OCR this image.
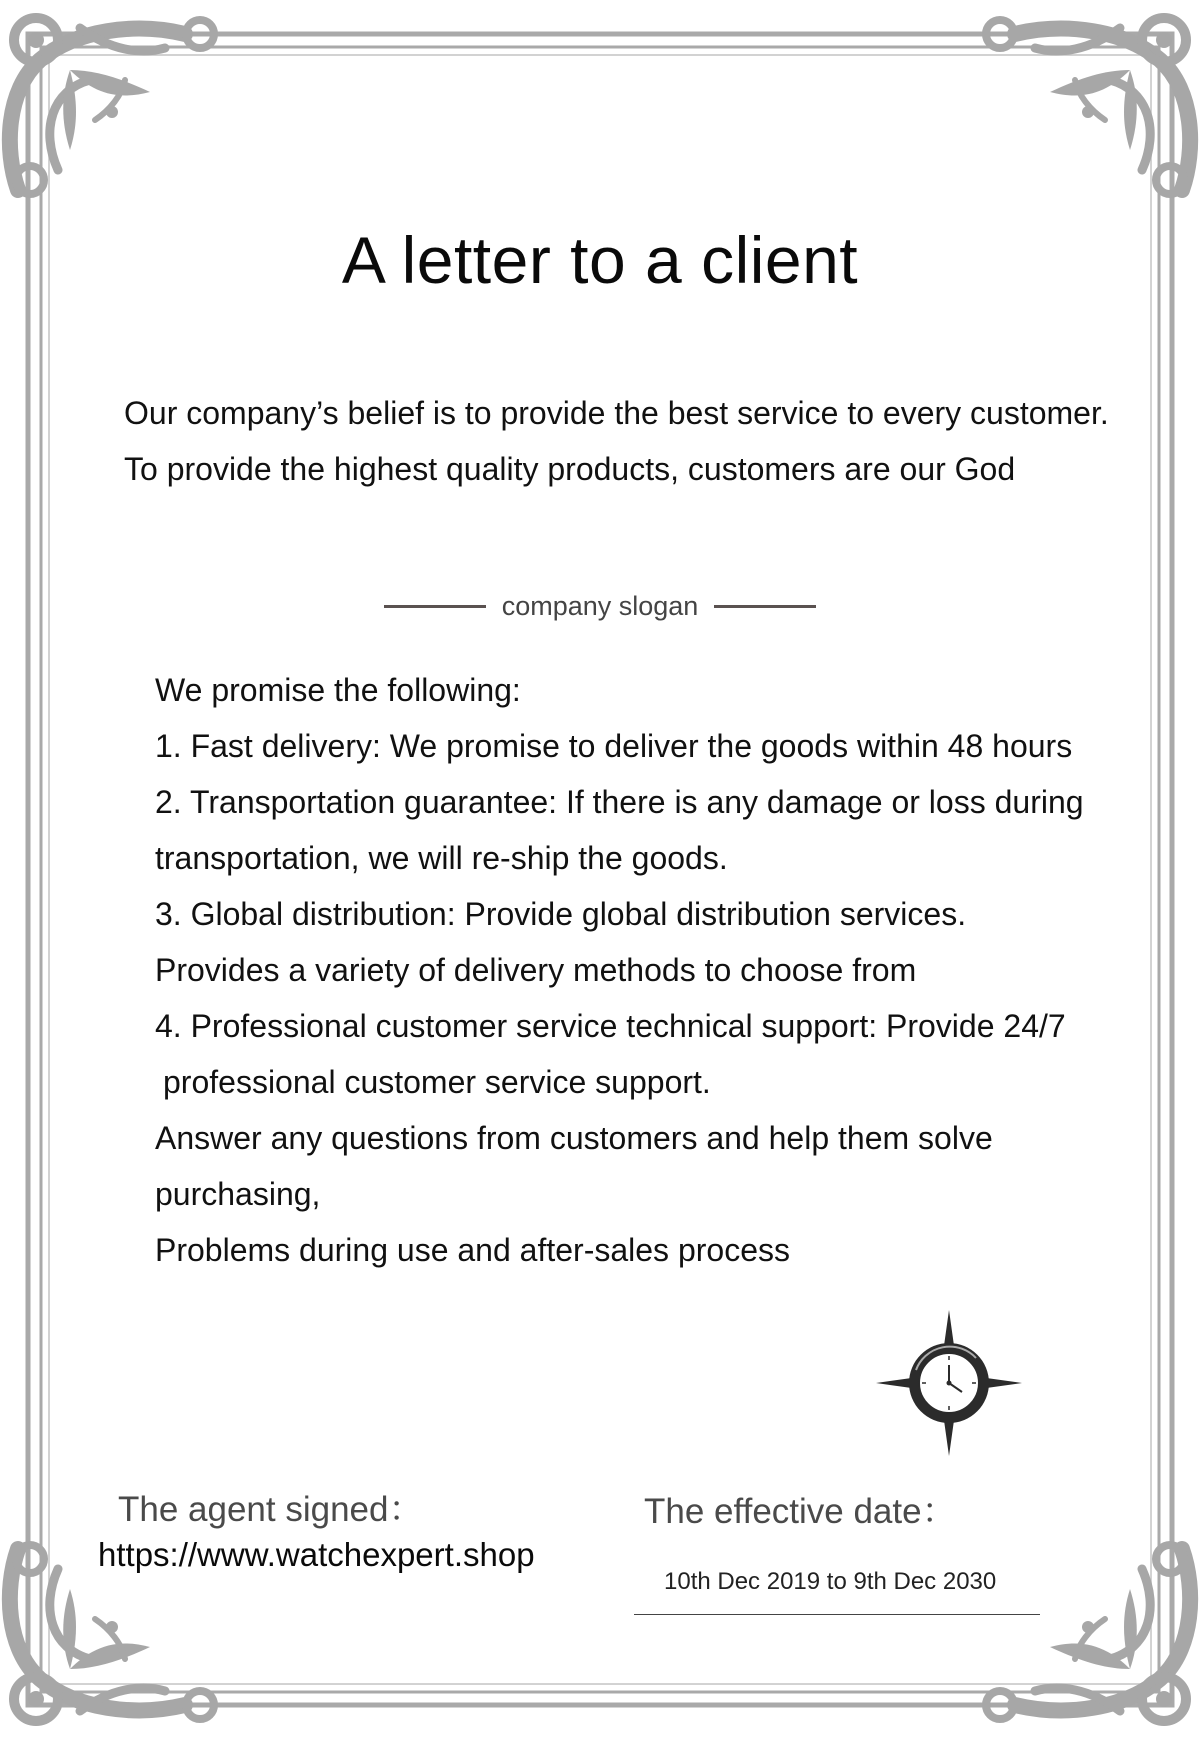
A letter to a client

Our company’s belief is to provide the best service to every customer.

To provide the highest quality products, customers are our God

company slogan

We promise the following:

1. Fast delivery: We promise to deliver the goods within 48 hours

2. Transportation guarantee: If there is any damage or loss during

transportation, we will re-ship the goods.

3. Global distribution: Provide global distribution services.

Provides a variety of delivery methods to choose from

4. Professional customer service technical support: Provide 24/7

professional customer service support.

Answer any questions from customers and help them solve

purchasing,

Problems during use and after-sales process

The agent signed：
https://www.watchexpert.shop
The effective date：
10th Dec 2019 to 9th Dec 2030
